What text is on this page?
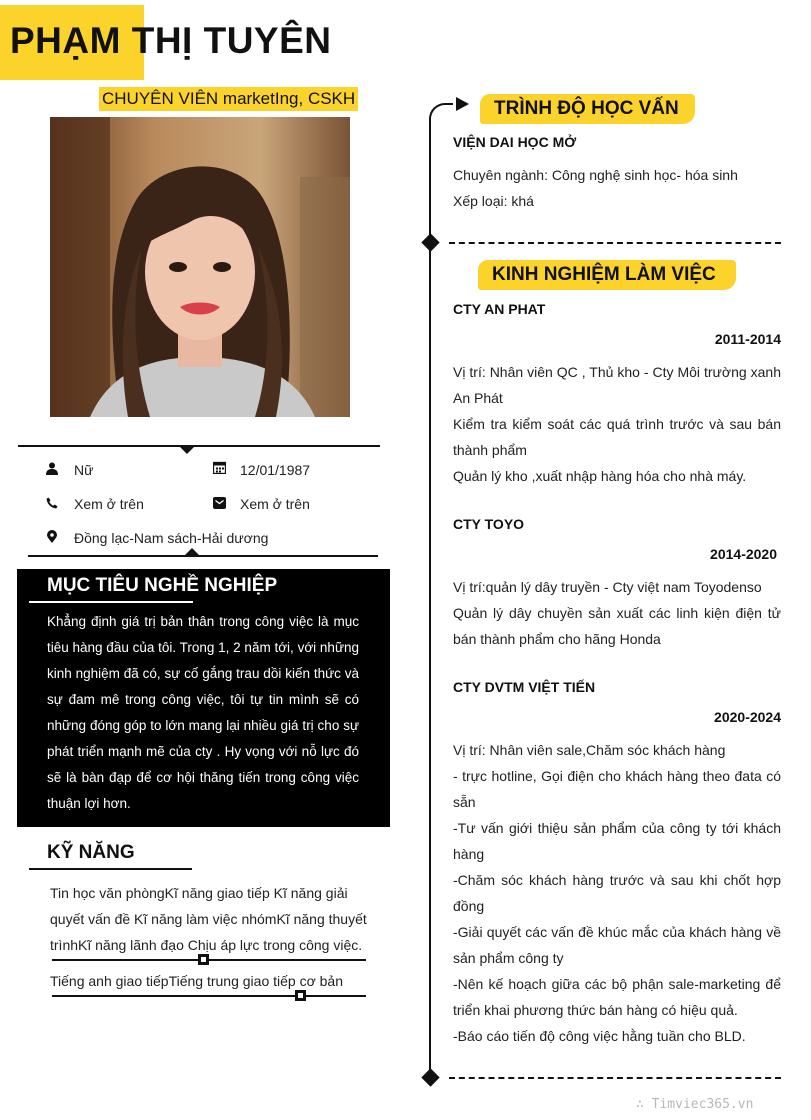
PHẠM THỊ TUYÊN
CHUYÊN VIÊN marketIng, CSKH
Nữ	12/01/1987
Xem ở trên	Xem ở trên
Đồng lạc-Nam sách-Hải dương
MỤC TIÊU NGHỀ NGHIỆP
Khẳng định giá trị bản thân trong công việc là mục tiêu hàng đầu của tôi. Trong 1, 2 năm tới, với những kinh nghiệm đã có, sự cố gắng trau dồi kiến thức và sự đam mê trong công việc, tôi tự tin mình sẽ có những đóng góp to lớn mang lại nhiều giá trị cho sự phát triển mạnh mẽ của cty . Hy vọng với nỗ lực đó sẽ là bàn đạp để cơ hội thăng tiến trong công việc thuận lợi hơn.
KỸ NĂNG
Tin học văn phòngKĩ năng giao tiếp Kĩ năng giải quyết vấn đề Kĩ năng làm việc nhómKĩ năng thuyết trìnhKĩ năng lãnh đạo Chịu áp lực trong công việc.
Tiếng anh giao tiếpTiếng trung giao tiếp cơ bản
TRÌNH ĐỘ HỌC VẤN
VIỆN DAI HỌC MỞ
Chuyên ngành: Công nghệ sinh học- hóa sinh
Xếp loại: khá
KINH NGHIỆM LÀM VIỆC
CTY AN PHAT
2011-2014
Vị trí: Nhân viên QC , Thủ kho - Cty Môi trường xanh An Phát
Kiểm tra kiểm soát các quá trình trước và sau bán thành phẩm
Quản lý kho ,xuất nhập hàng hóa cho nhà máy.
CTY TOYO
2014-2020
Vị trí:quản lý dây truyền - Cty việt nam Toyodenso
Quản lý dây chuyền sản xuất các linh kiện điện tử bán thành phẩm cho hãng Honda
CTY DVTM VIỆT TIẾN
2020-2024
Vị trí: Nhân viên sale,Chăm sóc khách hàng
- trực hotline, Gọi điện cho khách hàng theo đata có sẵn
-Tư vấn giới thiệu sản phẩm của công ty tới khách hàng
-Chăm sóc khách hàng trước và sau khi chốt hợp đồng
-Giải quyết các vấn đề khúc mắc của khách hàng về sản phẩm công ty
-Nên kế hoạch giữa các bộ phận sale-marketing để triển khai phương thức bán hàng có hiệu quả.
-Báo cáo tiến độ công việc hằng tuần cho BLD.
∴ Timviec365.vn
